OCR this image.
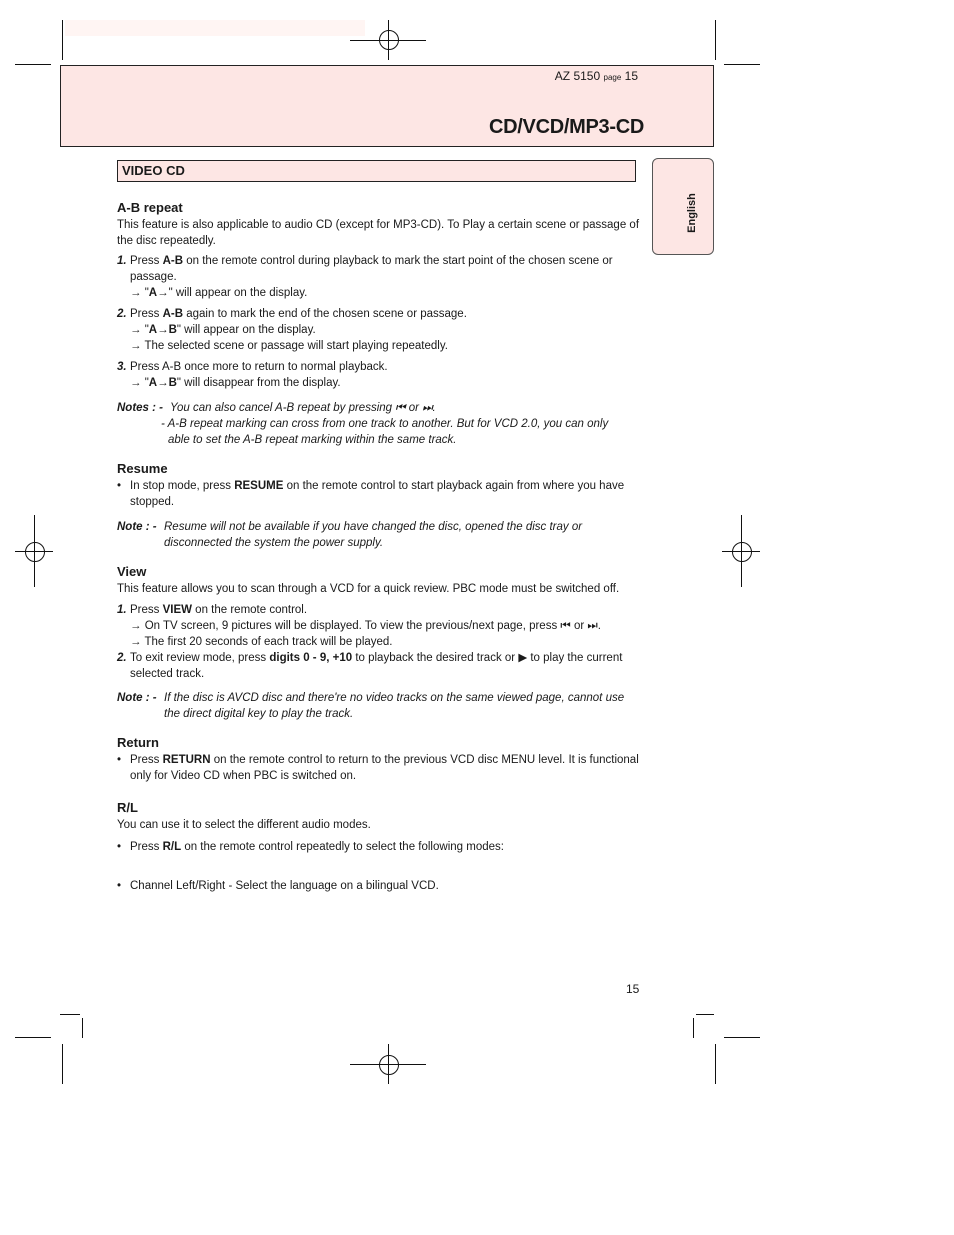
AZ 5150 page 15
CD/VCD/MP3-CD
VIDEO CD
English

A-B repeat

This feature is also applicable to audio CD (except for MP3-CD). To Play a certain scene or passage of the disc repeatedly.

1. Press A-B on the remote control during playback to mark the start point of the chosen scene or passage.
→ "A→" will appear on the display.
2. Press A-B again to mark the end of the chosen scene or passage.
→ "A→B" will appear on the display.
→ The selected scene or passage will start playing repeatedly.
3. Press A-B once more to return to normal playback.
→ "A→B" will disappear from the display.
Notes : - You can also cancel A-B repeat by pressing ⏮ or ⏭.
- A-B repeat marking can cross from one track to another. But for VCD 2.0, you can only
able to set the A-B repeat marking within the same track.

Resume

• In stop mode, press RESUME on the remote control to start playback again from where you have stopped.
Note : - Resume will not be available if you have changed the disc, opened the disc tray or disconnected the system the power supply.

View

This feature allows you to scan through a VCD for a quick review. PBC mode must be switched off.

1. Press VIEW on the remote control.
→ On TV screen, 9 pictures will be displayed. To view the previous/next page, press ⏮ or ⏭.
→ The first 20 seconds of each track will be played.
2. To exit review mode, press digits 0 - 9, +10 to playback the desired track or ▶ to play the current selected track.
Note : - If the disc is AVCD disc and there're no video tracks on the same viewed page, cannot use the direct digital key to play the track.

Return

• Press RETURN on the remote control to return to the previous VCD disc MENU level. It is functional only for Video CD when PBC is switched on.

R/L

You can use it to select the different audio modes.

• Press R/L on the remote control repeatedly to select the following modes:
• Channel Left/Right - Select the language on a bilingual VCD.
15
